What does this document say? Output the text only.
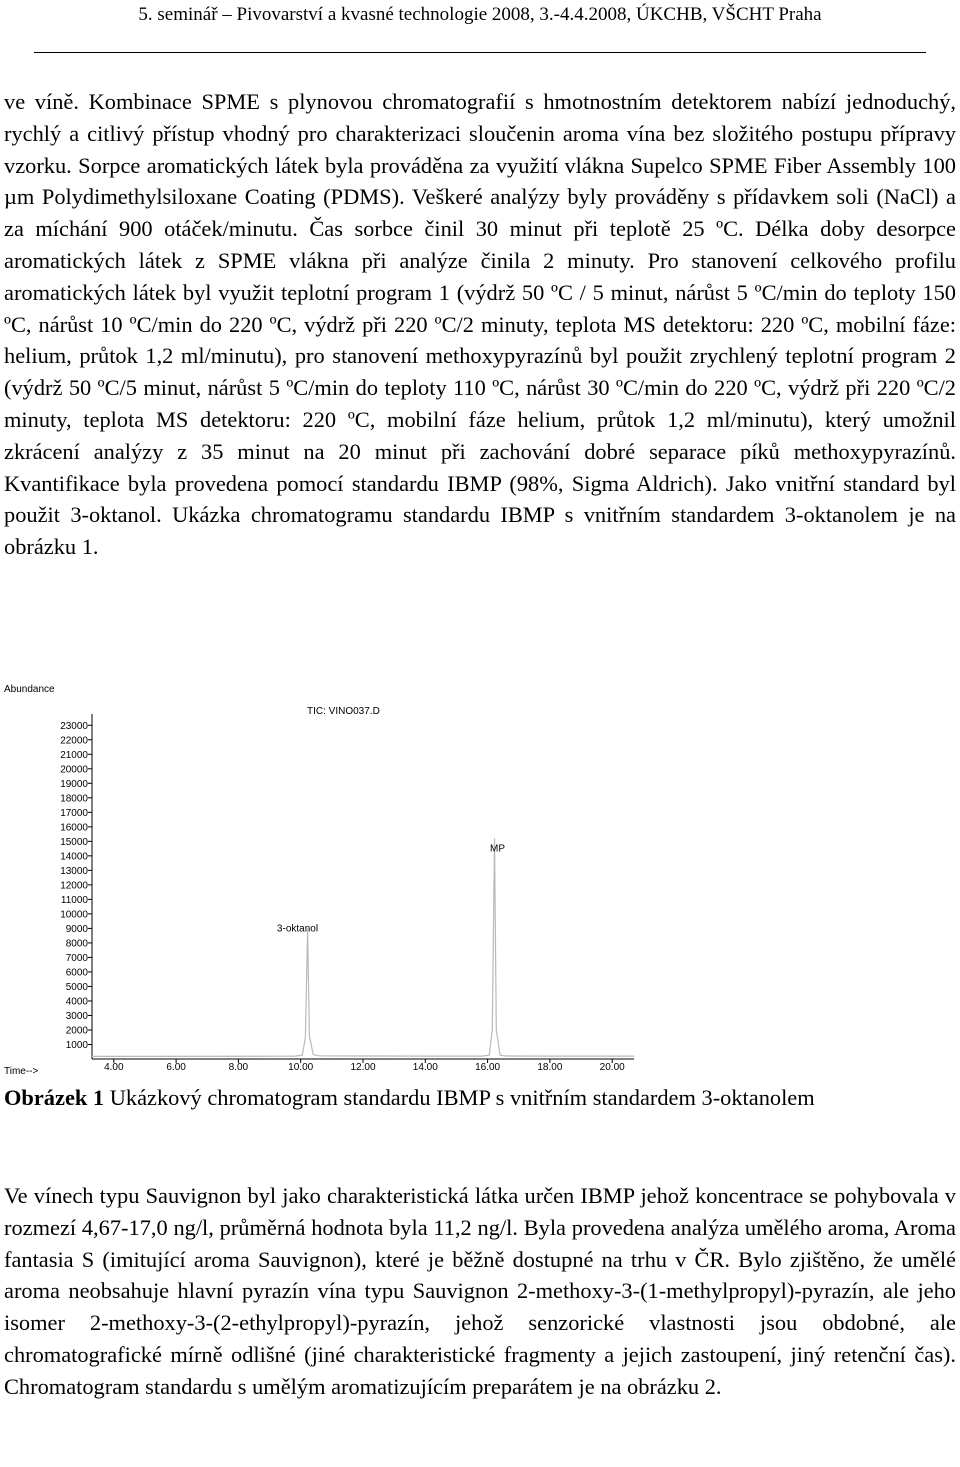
5. seminář – Pivovarství a kvasné technologie 2008, 3.-4.4.2008, ÚKCHB, VŠCHT Praha

ve víně. Kombinace SPME s plynovou chromatografií s hmotnostním detektorem nabízí jednoduchý, rychlý a citlivý přístup vhodný pro charakterizaci sloučenin aroma vína bez složitého postupu přípravy vzorku. Sorpce aromatických látek byla prováděna za využití vlákna Supelco SPME Fiber Assembly 100 µm Polydimethylsiloxane Coating (PDMS). Veškeré analýzy byly prováděny s přídavkem soli (NaCl) a za míchání 900 otáček/minutu. Čas sorbce činil 30 minut při teplotě 25 ºC. Délka doby desorpce aromatických látek z SPME vlákna při analýze činila 2 minuty. Pro stanovení celkového profilu aromatických látek byl využit teplotní program 1 (výdrž 50 ºC / 5 minut, nárůst 5 ºC/min do teploty 150 ºC, nárůst 10 ºC/min do 220 ºC, výdrž při 220 ºC/2 minuty, teplota MS detektoru: 220 ºC, mobilní fáze: helium, průtok 1,2 ml/minutu), pro stanovení methoxypyrazínů byl použit zrychlený teplotní program 2 (výdrž 50 ºC/5 minut, nárůst 5 ºC/min do teploty 110 ºC, nárůst 30 ºC/min do 220 ºC, výdrž při 220 ºC/2 minuty, teplota MS detektoru: 220 ºC, mobilní fáze helium, průtok 1,2 ml/minutu), který umožnil zkrácení analýzy z 35 minut na 20 minut při zachování dobré separace píků methoxypyrazínů. Kvantifikace byla provedena pomocí standardu IBMP (98%, Sigma Aldrich). Jako vnitřní standard byl použit 3-oktanol. Ukázka chromatogramu standardu IBMP s vnitřním standardem 3-oktanolem je na obrázku 1.

1000
2000
3000
4000
5000
6000
7000
8000
9000
10000
11000
12000
13000
14000
15000
16000
17000
18000
19000
20000
21000
22000
23000
4.00	6.00	8.00	10.00	12.00	14.00	16.00	18.00	20.00
Abundance
Time-->
TIC: VINO037.D
3-oktanol
MP

Obrázek 1 Ukázkový chromatogram standardu IBMP s vnitřním standardem 3-oktanolem

Ve vínech typu Sauvignon byl jako charakteristická látka určen IBMP jehož koncentrace se pohybovala v rozmezí 4,67-17,0 ng/l, průměrná hodnota byla 11,2 ng/l. Byla provedena analýza umělého aroma, Aroma fantasia S (imitující aroma Sauvignon), které je běžně dostupné na trhu v ČR. Bylo zjištěno, že umělé aroma neobsahuje hlavní pyrazín vína typu Sauvignon 2-methoxy-3-(1-methylpropyl)-pyrazín, ale jeho isomer 2-methoxy-3-(2-ethylpropyl)-pyrazín, jehož senzorické vlastnosti jsou obdobné, ale chromatografické mírně odlišné (jiné charakteristické fragmenty a jejich zastoupení, jiný retenční čas). Chromatogram standardu s umělým aromatizujícím preparátem je na obrázku 2.
